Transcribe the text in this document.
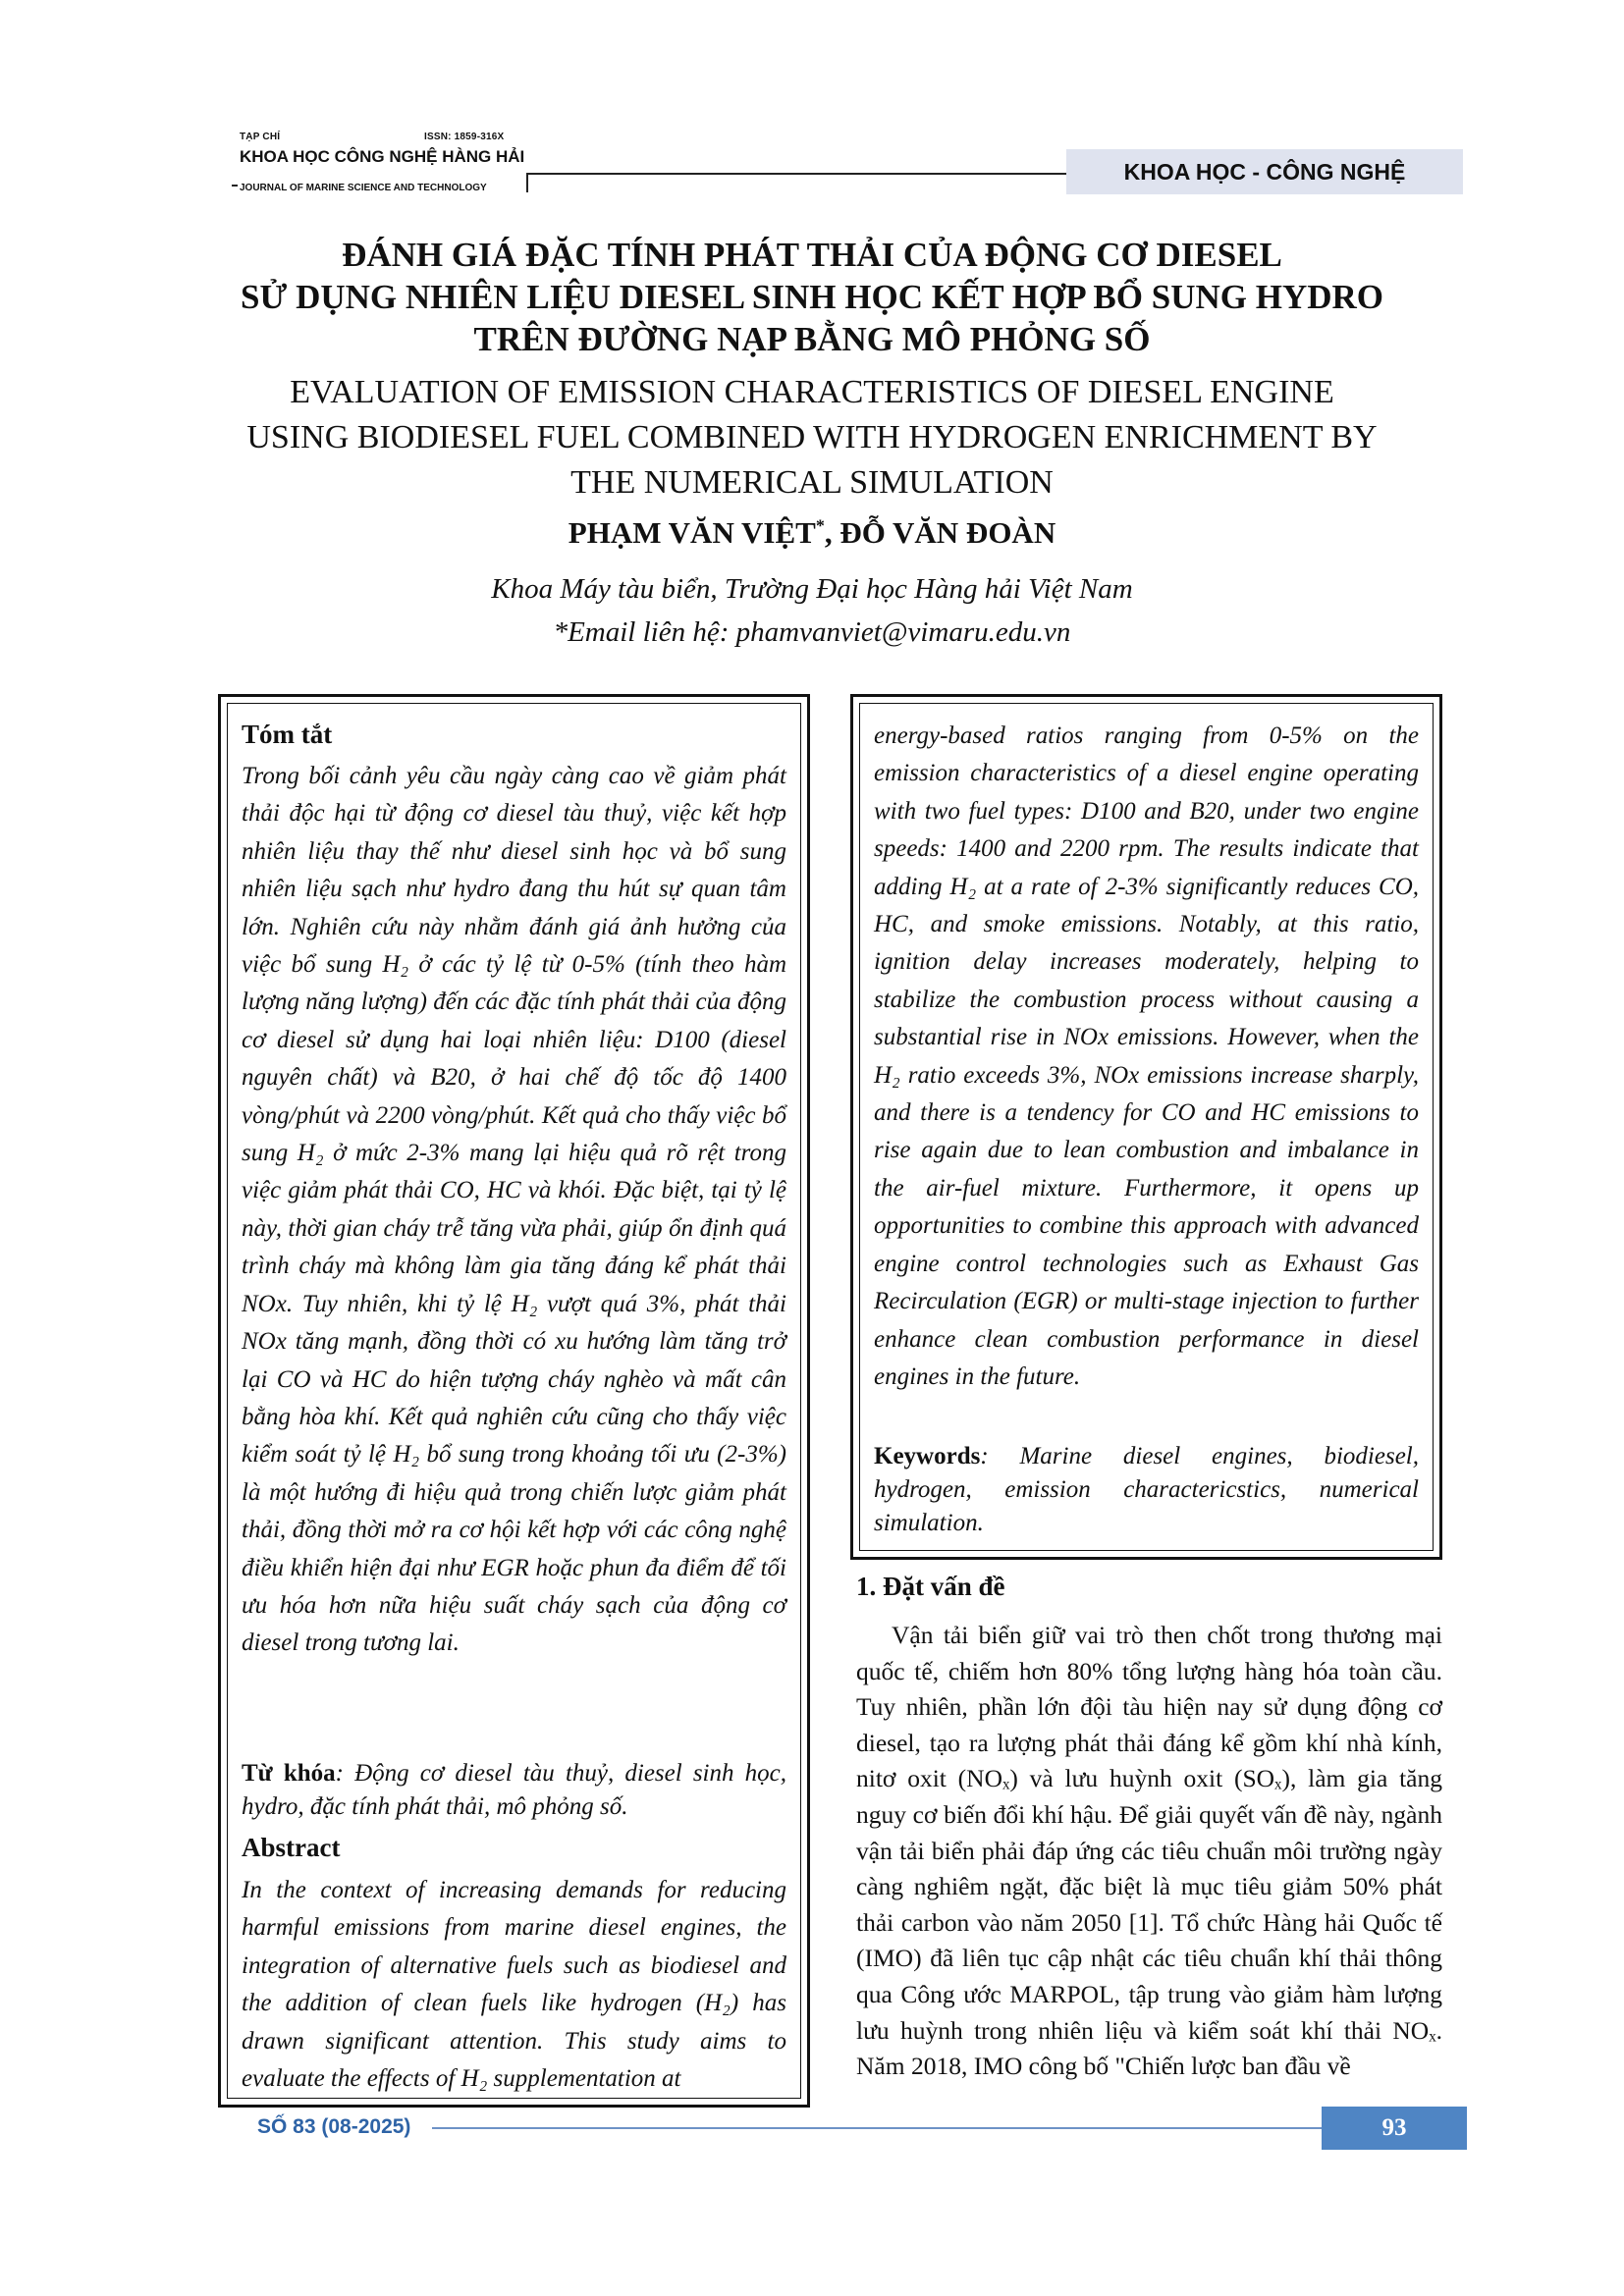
TẠP CHÍ	ISSN: 1859-316X
KHOA HỌC CÔNG NGHỆ HÀNG HẢI
JOURNAL OF MARINE SCIENCE AND TECHNOLOGY
KHOA HỌC - CÔNG NGHỆ
ĐÁNH GIÁ ĐẶC TÍNH PHÁT THẢI CỦA ĐỘNG CƠ DIESEL
SỬ DỤNG NHIÊN LIỆU DIESEL SINH HỌC KẾT HỢP BỔ SUNG HYDRO
TRÊN ĐƯỜNG NẠP BẰNG MÔ PHỎNG SỐ
EVALUATION OF EMISSION CHARACTERISTICS OF DIESEL ENGINE
USING BIODIESEL FUEL COMBINED WITH HYDROGEN ENRICHMENT BY
THE NUMERICAL SIMULATION
PHẠM VĂN VIỆT*, ĐỖ VĂN ĐOÀN
Khoa Máy tàu biển, Trường Đại học Hàng hải Việt Nam
*Email liên hệ: phamvanviet@vimaru.edu.vn
Tóm tắt
Trong bối cảnh yêu cầu ngày càng cao về giảm phát thải độc hại từ động cơ diesel tàu thuỷ, việc kết hợp nhiên liệu thay thế như diesel sinh học và bổ sung nhiên liệu sạch như hydro đang thu hút sự quan tâm lớn. Nghiên cứu này nhằm đánh giá ảnh hưởng của việc bổ sung H₂ ở các tỷ lệ từ 0-5% (tính theo hàm lượng năng lượng) đến các đặc tính phát thải của động cơ diesel sử dụng hai loại nhiên liệu: D100 (diesel nguyên chất) và B20, ở hai chế độ tốc độ 1400 vòng/phút và 2200 vòng/phút. Kết quả cho thấy việc bổ sung H₂ ở mức 2-3% mang lại hiệu quả rõ rệt trong việc giảm phát thải CO, HC và khói. Đặc biệt, tại tỷ lệ này, thời gian cháy trễ tăng vừa phải, giúp ổn định quá trình cháy mà không làm gia tăng đáng kể phát thải NOx. Tuy nhiên, khi tỷ lệ H₂ vượt quá 3%, phát thải NOx tăng mạnh, đồng thời có xu hướng làm tăng trở lại CO và HC do hiện tượng cháy nghèo và mất cân bằng hòa khí. Kết quả nghiên cứu cũng cho thấy việc kiểm soát tỷ lệ H₂ bổ sung trong khoảng tối ưu (2-3%) là một hướng đi hiệu quả trong chiến lược giảm phát thải, đồng thời mở ra cơ hội kết hợp với các công nghệ điều khiển hiện đại như EGR hoặc phun đa điểm để tối ưu hóa hơn nữa hiệu suất cháy sạch của động cơ diesel trong tương lai.
Từ khóa: Động cơ diesel tàu thuỷ, diesel sinh học, hydro, đặc tính phát thải, mô phỏng số.
Abstract
In the context of increasing demands for reducing harmful emissions from marine diesel engines, the integration of alternative fuels such as biodiesel and the addition of clean fuels like hydrogen (H₂) has drawn significant attention. This study aims to evaluate the effects of H₂ supplementation at
energy-based ratios ranging from 0-5% on the emission characteristics of a diesel engine operating with two fuel types: D100 and B20, under two engine speeds: 1400 and 2200 rpm. The results indicate that adding H₂ at a rate of 2-3% significantly reduces CO, HC, and smoke emissions. Notably, at this ratio, ignition delay increases moderately, helping to stabilize the combustion process without causing a substantial rise in NOx emissions. However, when the H₂ ratio exceeds 3%, NOx emissions increase sharply, and there is a tendency for CO and HC emissions to rise again due to lean combustion and imbalance in the air-fuel mixture. Furthermore, it opens up opportunities to combine this approach with advanced engine control technologies such as Exhaust Gas Recirculation (EGR) or multi-stage injection to further enhance clean combustion performance in diesel engines in the future.
Keywords: Marine diesel engines, biodiesel, hydrogen, emission charactericstics, numerical simulation.
1. Đặt vấn đề
Vận tải biển giữ vai trò then chốt trong thương mại quốc tế, chiếm hơn 80% tổng lượng hàng hóa toàn cầu. Tuy nhiên, phần lớn đội tàu hiện nay sử dụng động cơ diesel, tạo ra lượng phát thải đáng kể gồm khí nhà kính, nitơ oxit (NOₓ) và lưu huỳnh oxit (SOₓ), làm gia tăng nguy cơ biến đổi khí hậu. Để giải quyết vấn đề này, ngành vận tải biển phải đáp ứng các tiêu chuẩn môi trường ngày càng nghiêm ngặt, đặc biệt là mục tiêu giảm 50% phát thải carbon vào năm 2050 [1]. Tổ chức Hàng hải Quốc tế (IMO) đã liên tục cập nhật các tiêu chuẩn khí thải thông qua Công ước MARPOL, tập trung vào giảm hàm lượng lưu huỳnh trong nhiên liệu và kiểm soát khí thải NOₓ. Năm 2018, IMO công bố "Chiến lược ban đầu về
SỐ 83 (08-2025)	93
